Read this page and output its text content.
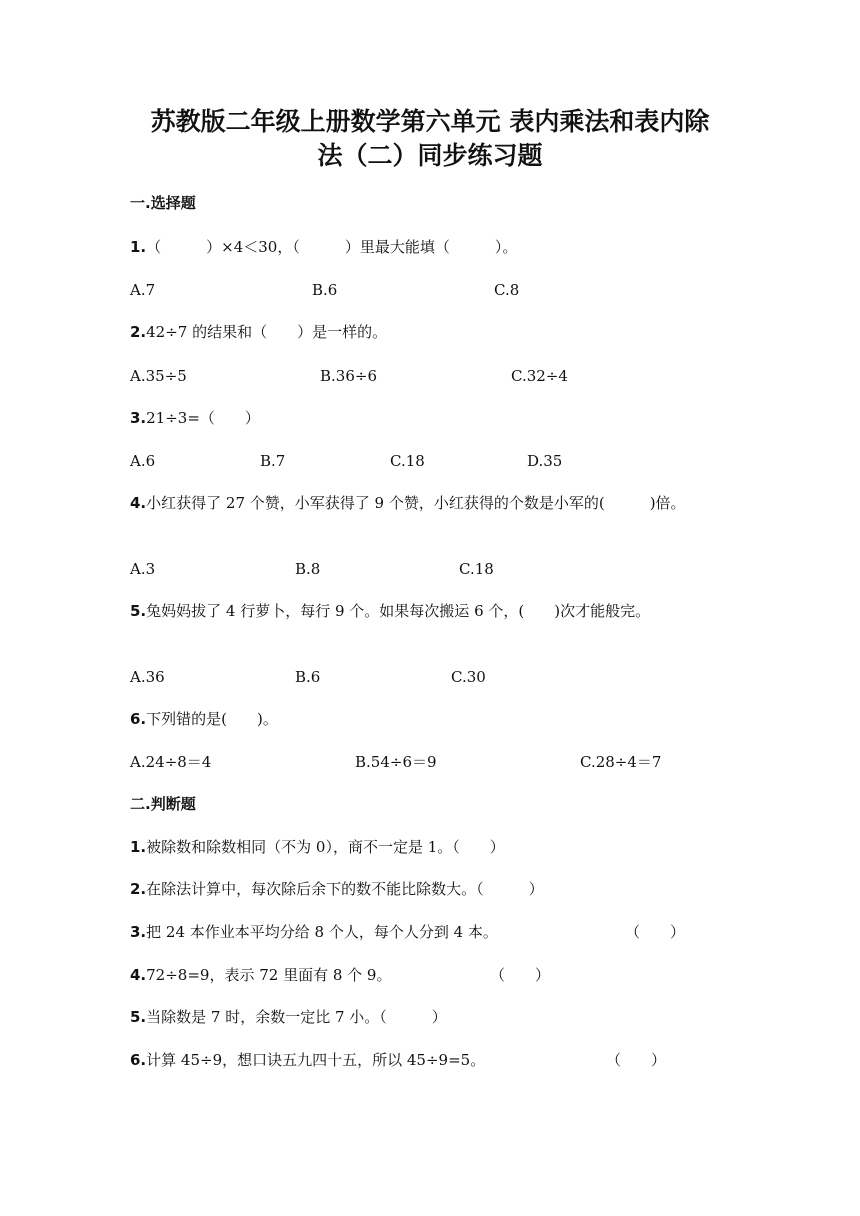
苏教版二年级上册数学第六单元 表内乘法和表内除
法（二）同步练习题
一.选择题
1.（　　　）×4＜30，（　　　）里最大能填（　　　）。
A.7	B.6	C.8
2.42÷7 的结果和（　　）是一样的。
A.35÷5	B.36÷6	C.32÷4
3.21÷3=（　　）
A.6	B.7	C.18	D.35
4.小红获得了 27 个赞，小军获得了 9 个赞，小红获得的个数是小军的(　　　)倍。
A.3	B.8	C.18
5.兔妈妈拔了 4 行萝卜，每行 9 个。如果每次搬运 6 个，(　　)次才能般完。
A.36	B.6	C.30
6.下列错的是(　　)。
A.24÷8＝4	B.54÷6＝9	C.28÷4＝7
二.判断题
1.被除数和除数相同（不为 0），商不一定是 1。（　　）
2.在除法计算中，每次除后余下的数不能比除数大。（　　　）
3.把 24 本作业本平均分给 8 个人，每个人分到 4 本。	（　　）
4.72÷8=9，表示 72 里面有 8 个 9。	（　　）
5.当除数是 7 时，余数一定比 7 小。（　　　）
6.计算 45÷9，想口诀五九四十五，所以 45÷9=5。	（　　）
